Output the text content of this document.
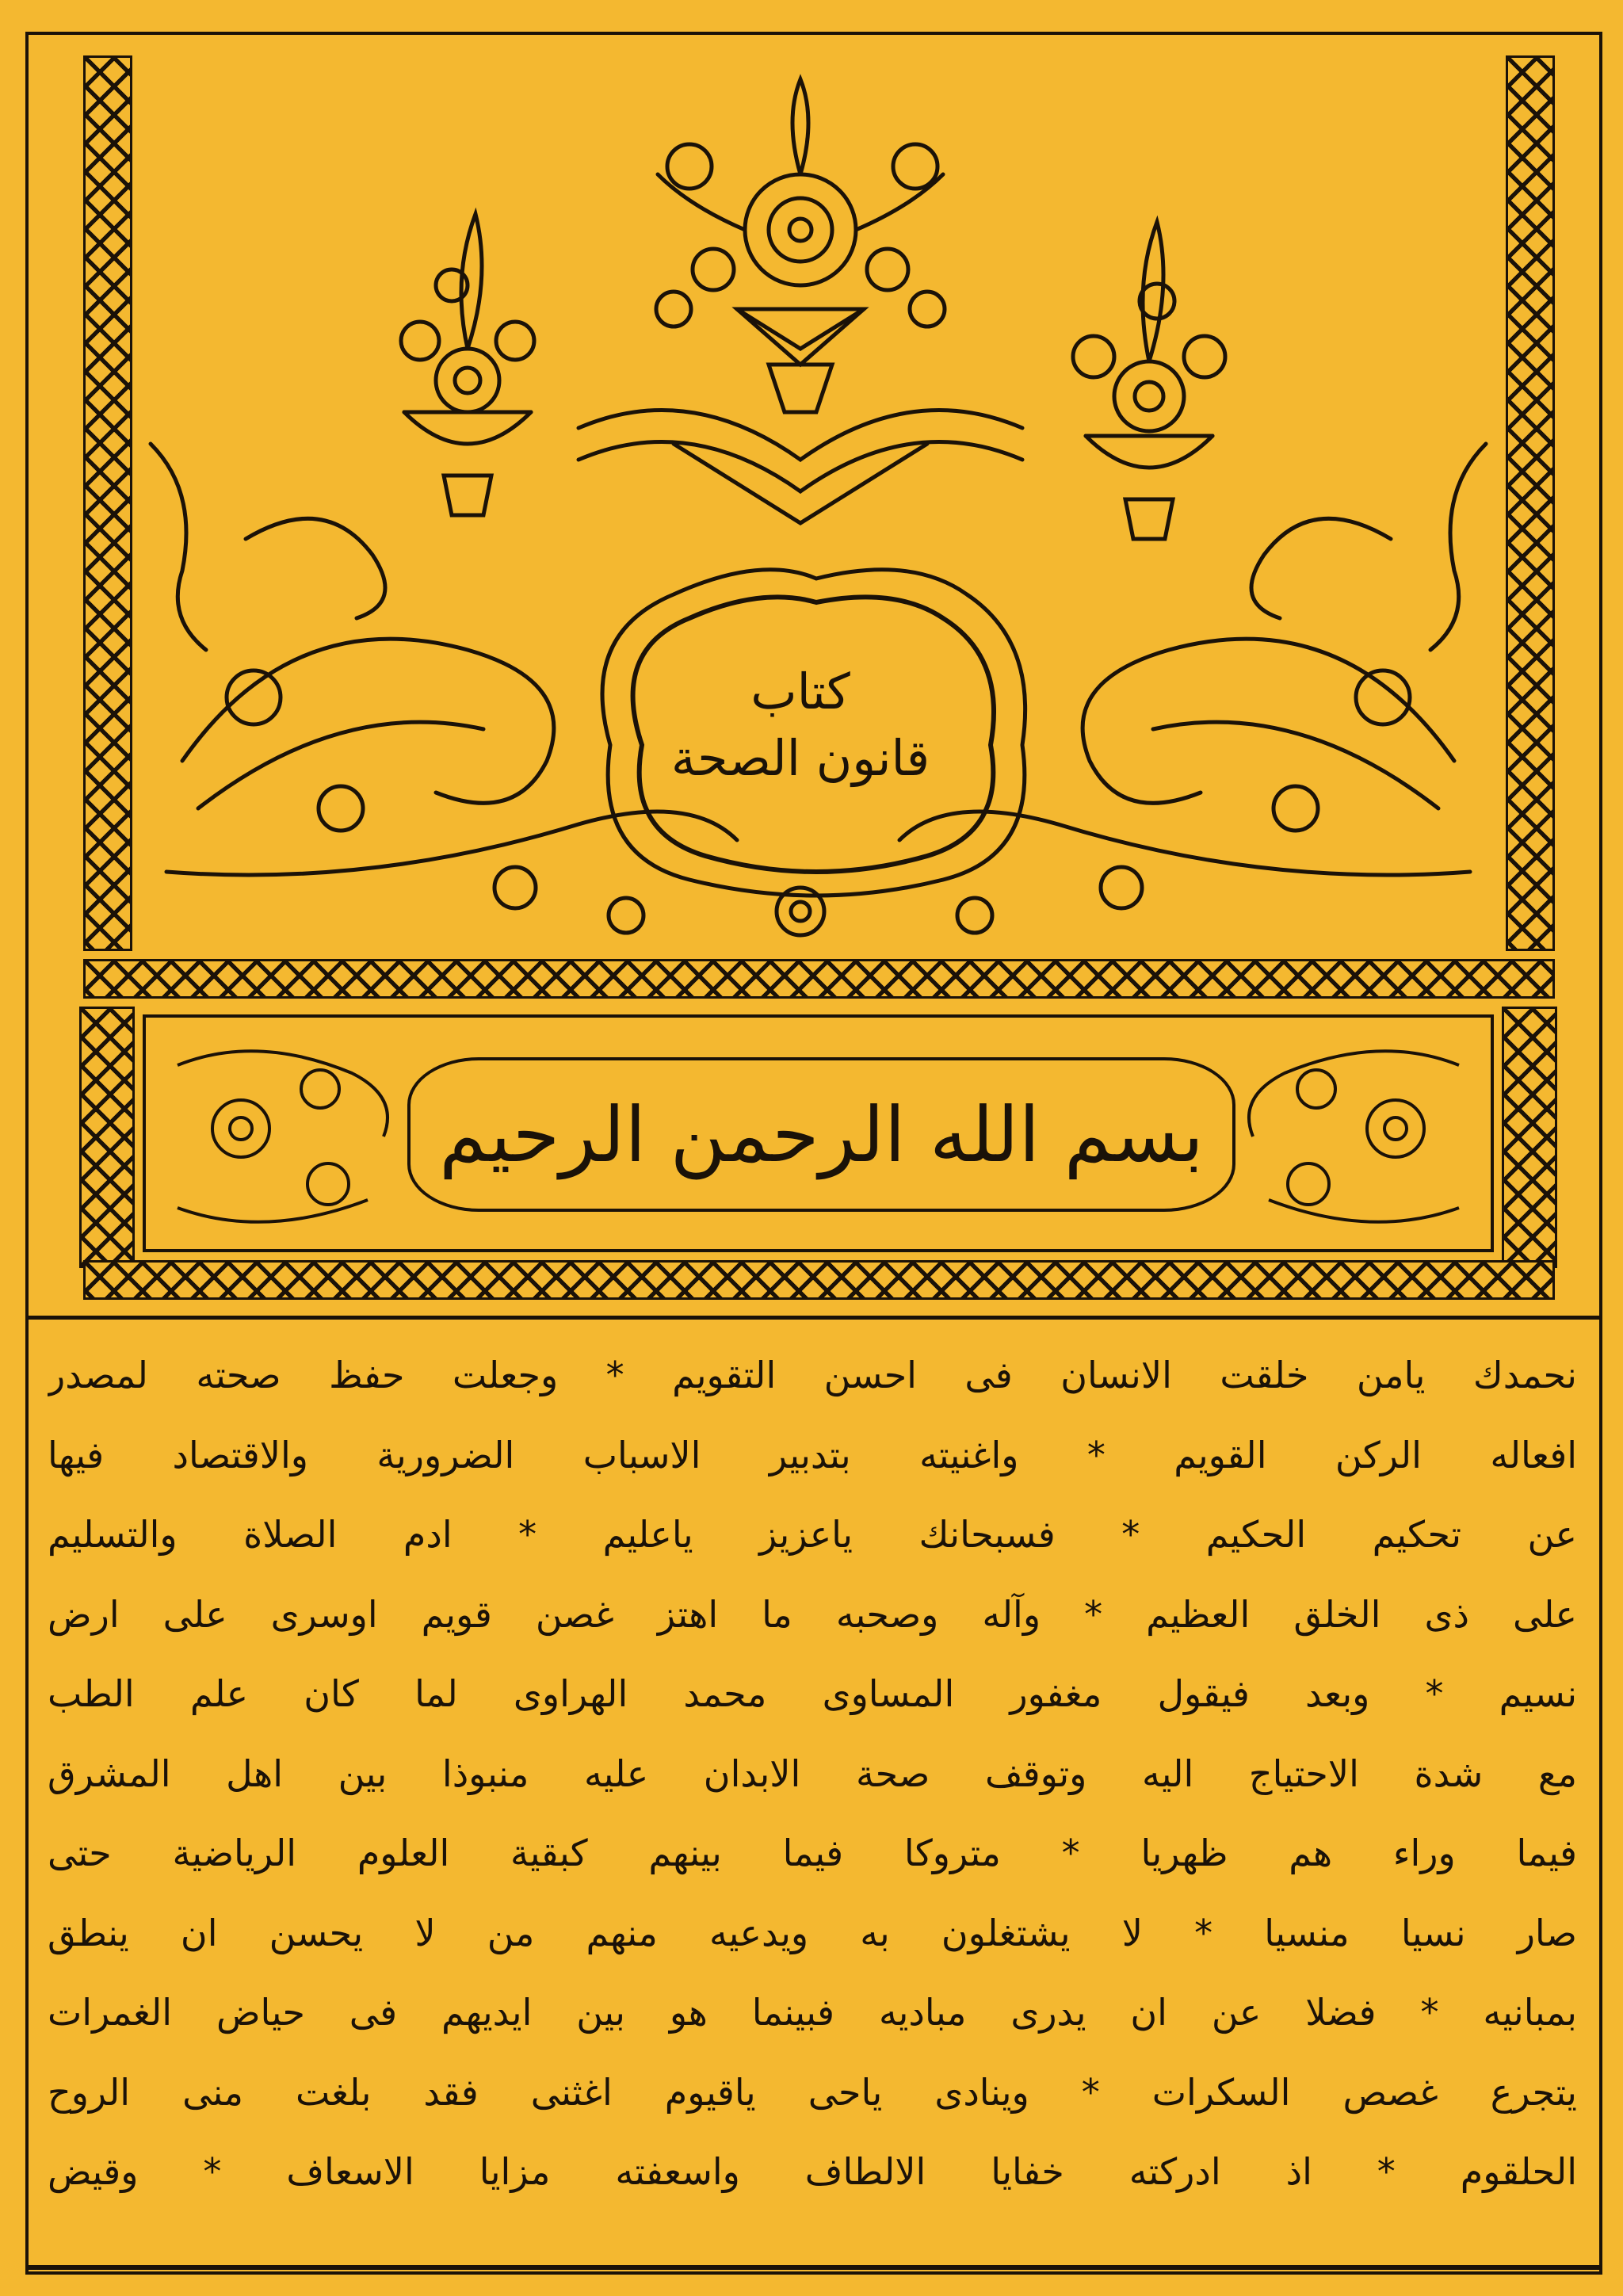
كتاب
قانون الصحة
بسم الله الرحمن الرحيم
نحمدك يامن خلقت الانسان فى احسن التقويم * وجعلت حفظ صحته لمصدر
افعاله الركن القويم * واغنيته بتدبير الاسباب الضرورية والاقتصاد فيها
عن تحكيم الحكيم * فسبحانك ياعزيز ياعليم * ادم الصلاة والتسليم
على ذى الخلق العظيم * وآله وصحبه ما اهتز غصن قويم اوسرى على ارض
نسيم * وبعد فيقول مغفور المساوى محمد الهراوى لما كان علم الطب
مع شدة الاحتياج اليه وتوقف صحة الابدان عليه منبوذا بين اهل المشرق
فيما وراء هم ظهريا * متروكا فيما بينهم كبقية العلوم الرياضية حتى
صار نسيا منسيا * لا يشتغلون به ويدعيه منهم من لا يحسن ان ينطق
بمبانيه * فضلا عن ان يدرى مباديه فبينما هو بين ايديهم فى حياض الغمرات
يتجرع غصص السكرات * وينادى ياحى ياقيوم اغثنى فقد بلغت منى الروح
الحلقوم * اذ ادركته خفايا الالطاف واسعفته مزايا الاسعاف * وقيض
